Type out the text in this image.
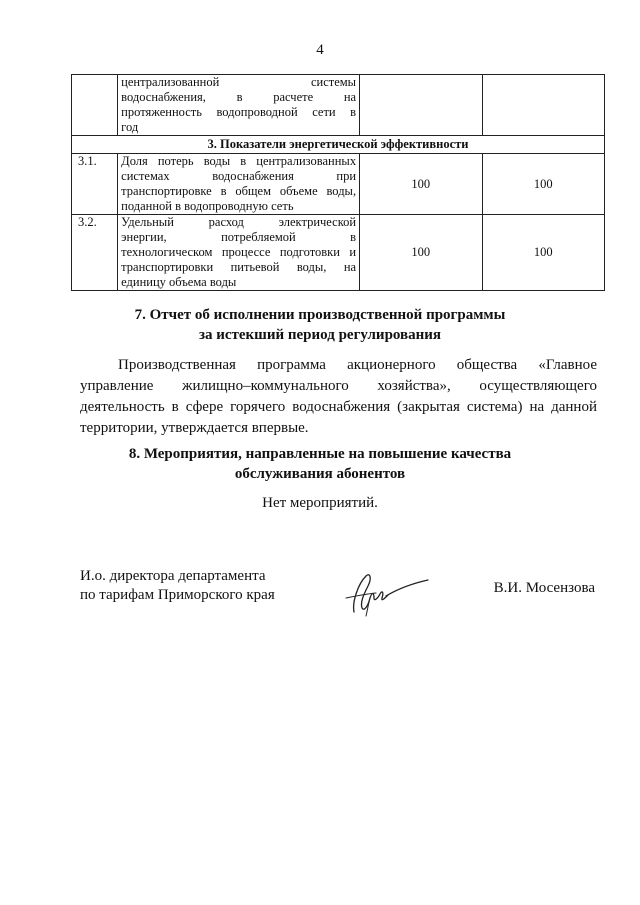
4

	централизованной системы
водоснабжения, в расчете на
протяженность водопроводной сети в
год		

3. Показатели энергетической эффективности			
3.1.	Доля потерь воды в централизованных
системах водоснабжения при
транспортировке в общем объеме воды,
поданной в водопроводную сеть	100	100
3.2.	Удельный расход электрической
энергии, потребляемой в
технологическом процессе подготовки и
транспортировки питьевой воды, на
единицу объема воды	100	100
7. Отчет об исполнении производственной программы
за истекший период регулирования
Производственная программа акционерного общества «Главное
управление жилищно–коммунального хозяйства», осуществляющего
деятельность в сфере горячего водоснабжения (закрытая система) на данной
территории, утверждается впервые.
8. Мероприятия, направленные на повышение качества
обслуживания абонентов
Нет мероприятий.
И.о. директора департамента
по тарифам Приморского края	В.И. Мосензова
